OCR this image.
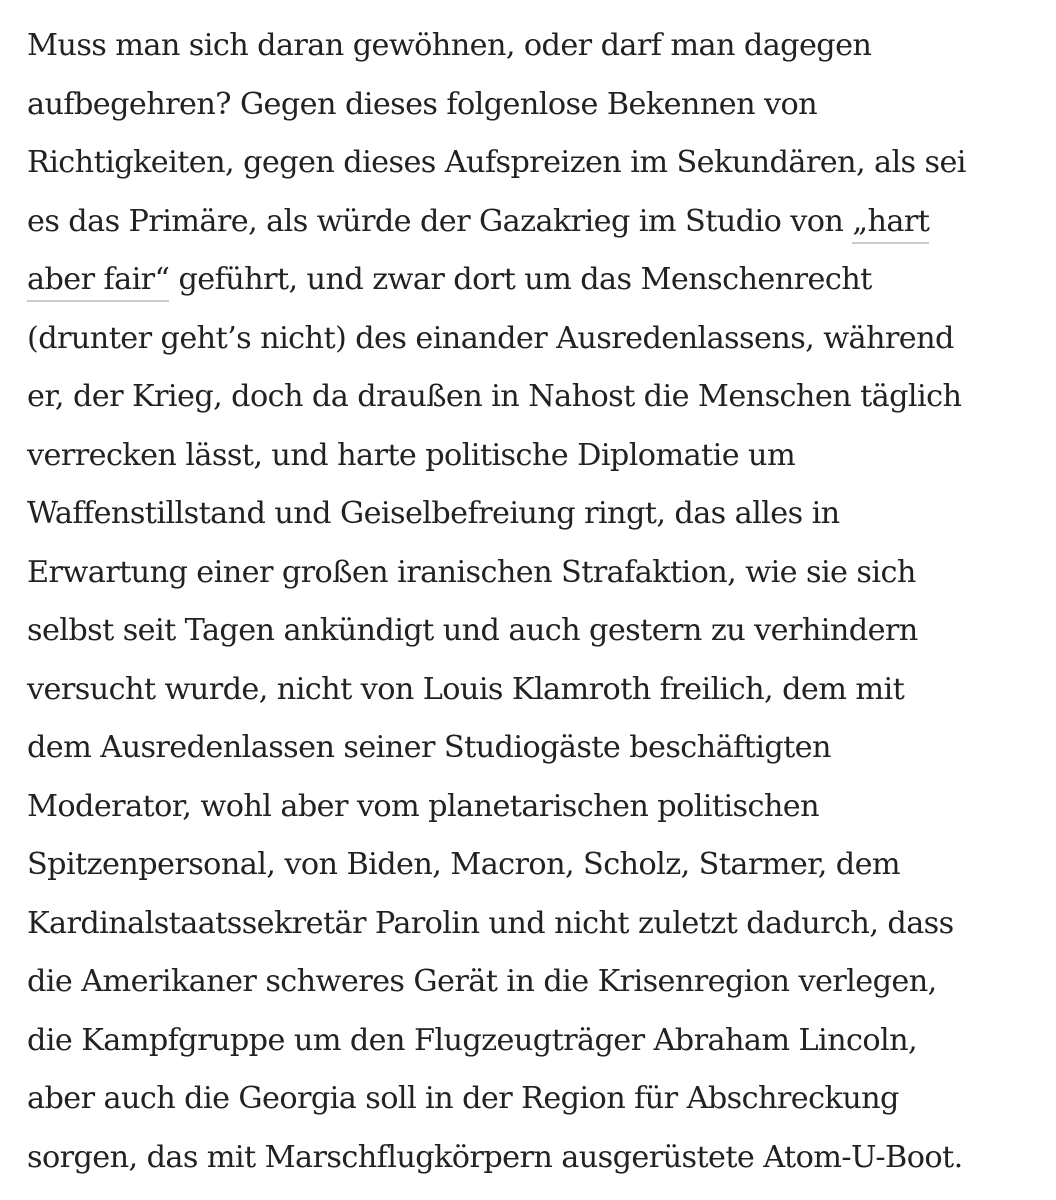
Muss man sich daran gewöhnen, oder darf man dagegen
aufbegehren? Gegen dieses folgenlose Bekennen von
Richtigkeiten, gegen dieses Aufspreizen im Sekundären, als sei
es das Primäre, als würde der Gazakrieg im Studio von „hart
aber fair“ geführt, und zwar dort um das Menschenrecht
(drunter geht’s nicht) des einander Ausredenlassens, während
er, der Krieg, doch da draußen in Nahost die Menschen täglich
verrecken lässt, und harte politische Diplomatie um
Waffenstillstand und Geiselbefreiung ringt, das alles in
Erwartung einer großen iranischen Strafaktion, wie sie sich
selbst seit Tagen ankündigt und auch gestern zu verhindern
versucht wurde, nicht von Louis Klamroth freilich, dem mit
dem Ausredenlassen seiner Studiogäste beschäftigten
Moderator, wohl aber vom planetarischen politischen
Spitzenpersonal, von Biden, Macron, Scholz, Starmer, dem
Kardinalstaatssekretär Parolin und nicht zuletzt dadurch, dass
die Amerikaner schweres Gerät in die Krisenregion verlegen,
die Kampfgruppe um den Flugzeugträger Abraham Lincoln,
aber auch die Georgia soll in der Region für Abschreckung
sorgen, das mit Marschflugkörpern ausgerüstete Atom-U-Boot.
